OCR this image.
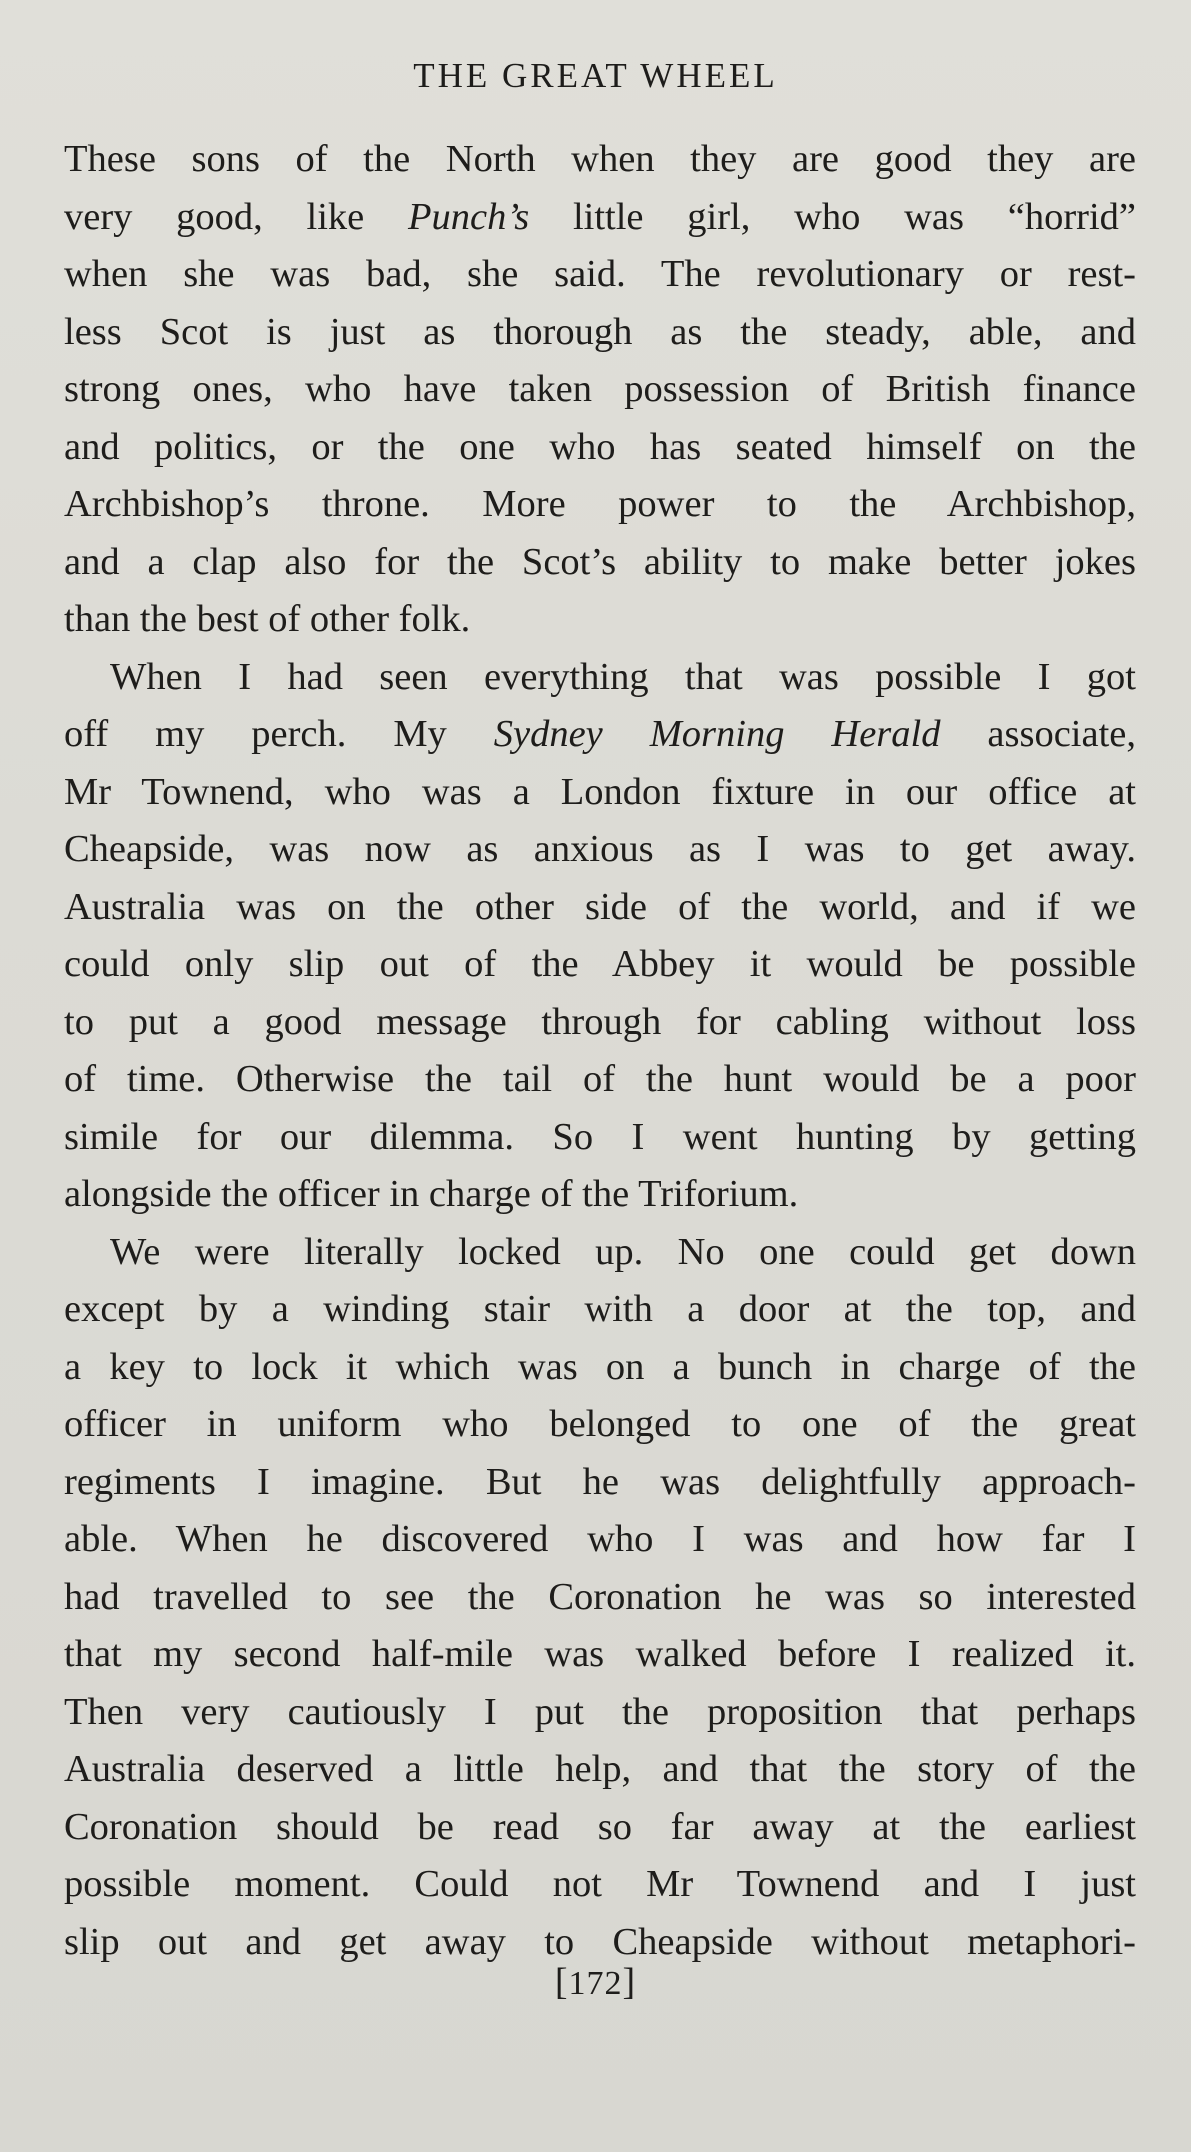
THE GREAT WHEEL
These sons of the North when they are good they are
very good, like Punch’s little girl, who was “horrid”
when she was bad, she said. The revolutionary or rest-
less Scot is just as thorough as the steady, able, and
strong ones, who have taken possession of British finance
and politics, or the one who has seated himself on the
Archbishop’s throne. More power to the Archbishop,
and a clap also for the Scot’s ability to make better jokes
than the best of other folk.
When I had seen everything that was possible I got
off my perch. My Sydney Morning Herald associate,
Mr Townend, who was a London fixture in our office at
Cheapside, was now as anxious as I was to get away.
Australia was on the other side of the world, and if we
could only slip out of the Abbey it would be possible
to put a good message through for cabling without loss
of time. Otherwise the tail of the hunt would be a poor
simile for our dilemma. So I went hunting by getting
alongside the officer in charge of the Triforium.
We were literally locked up. No one could get down
except by a winding stair with a door at the top, and
a key to lock it which was on a bunch in charge of the
officer in uniform who belonged to one of the great
regiments I imagine. But he was delightfully approach-
able. When he discovered who I was and how far I
had travelled to see the Coronation he was so interested
that my second half-mile was walked before I realized it.
Then very cautiously I put the proposition that perhaps
Australia deserved a little help, and that the story of the
Coronation should be read so far away at the earliest
possible moment. Could not Mr Townend and I just
slip out and get away to Cheapside without metaphori-
[172]
